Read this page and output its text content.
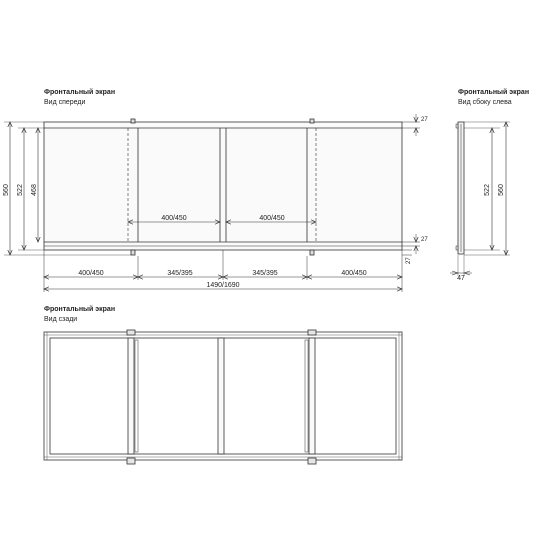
Фронтальный экран
Вид спереди
Фронтальный экран
Вид сбоку слева
Фронтальный экран
Вид сзади
560 522 468
27
27
27
400/450	400/450
400/450	345/395	345/395	400/450
1490/1690
522 560
47
